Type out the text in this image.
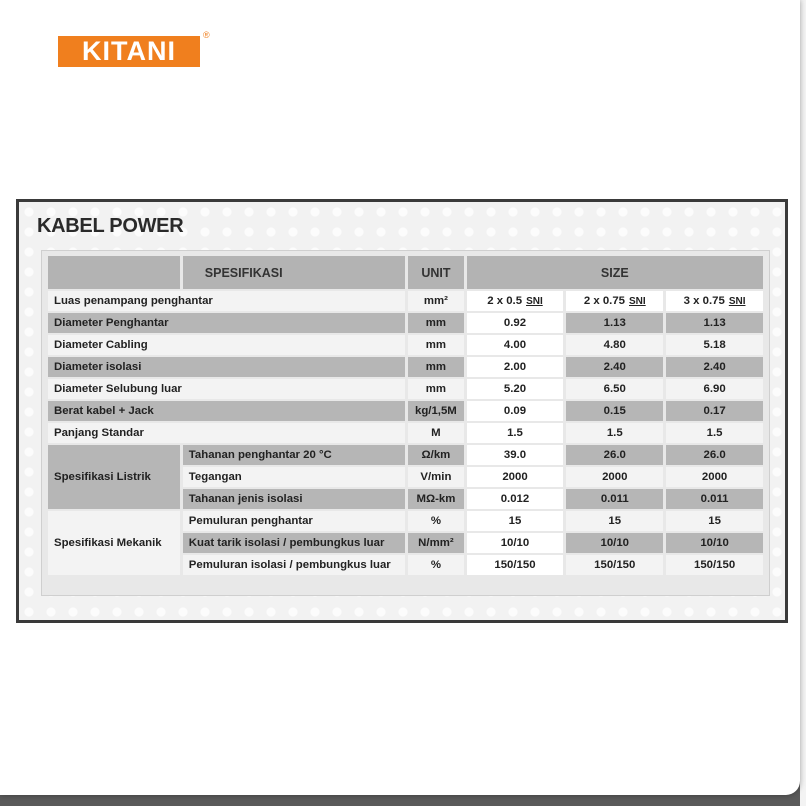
KITANI
®
KABEL POWER
	SPESIFIKASI	UNIT	SIZE		
Luas penampang penghantar		mm²	2 x 0.5 SNI	2 x 0.75 SNI	3 x 0.75 SNI
Diameter Penghantar		mm	0.92	1.13	1.13
Diameter Cabling		mm	4.00	4.80	5.18
Diameter isolasi		mm	2.00	2.40	2.40
Diameter Selubung luar		mm	5.20	6.50	6.90
Berat kabel + Jack		kg/1,5M	0.09	0.15	0.17
Panjang Standar		M	1.5	1.5	1.5
Spesifikasi Listrik	Tahanan penghantar 20 °C	Ω/km	39.0	26.0	26.0
	Tegangan	V/min	2000	2000	2000
	Tahanan jenis isolasi	MΩ-km	0.012	0.011	0.011
Spesifikasi Mekanik	Pemuluran penghantar	%	15	15	15
	Kuat tarik isolasi / pembungkus luar	N/mm²	10/10	10/10	10/10
	Pemuluran isolasi / pembungkus luar	%	150/150	150/150	150/150
